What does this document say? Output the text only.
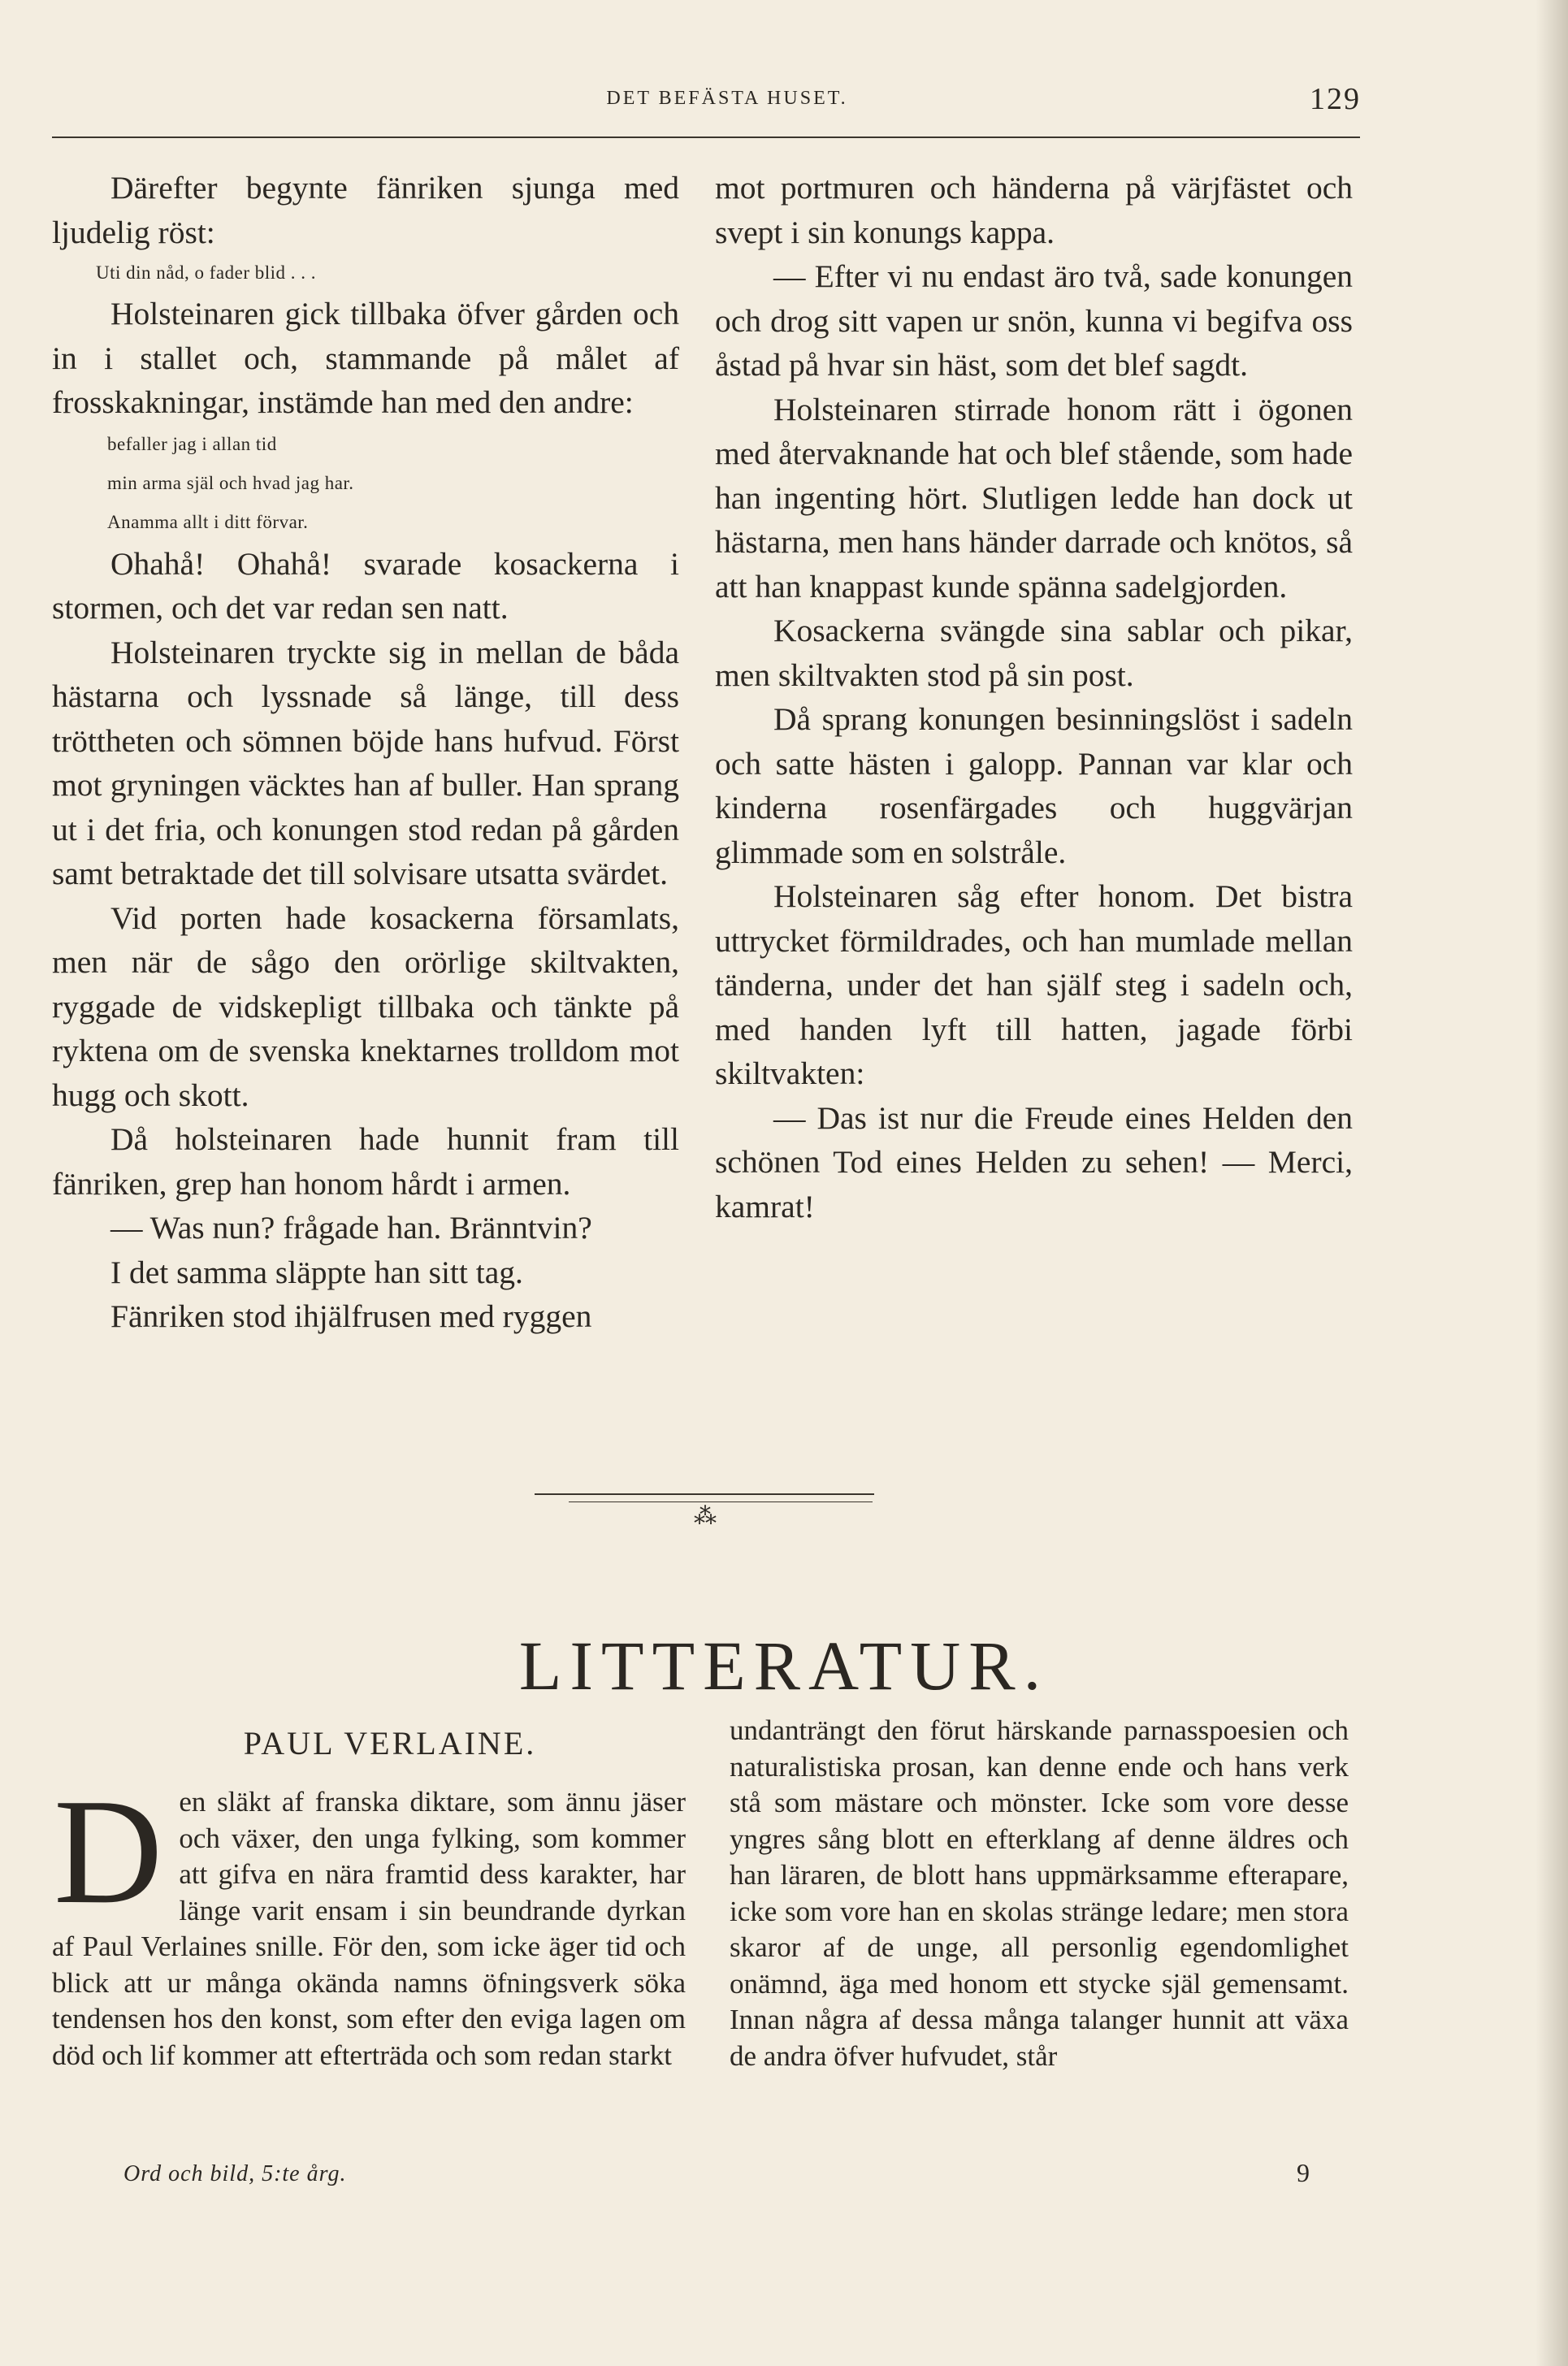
DET BEFÄSTA HUSET.	129

Därefter begynte fänriken sjunga med ljudelig röst:

Uti din nåd, o fader blid . . .

Holsteinaren gick tillbaka öfver gården och in i stallet och, stammande på målet af frosskakningar, instämde han med den andre:

befaller jag i allan tid
min arma själ och hvad jag har.
Anamma allt i ditt förvar.

Ohahå! Ohahå! svarade kosackerna i stormen, och det var redan sen natt.

Holsteinaren tryckte sig in mellan de båda hästarna och lyssnade så länge, till dess tröttheten och sömnen böjde hans hufvud. Först mot gryningen väcktes han af buller. Han sprang ut i det fria, och konungen stod redan på gården samt betraktade det till solvisare utsatta svärdet.

Vid porten hade kosackerna församlats, men när de sågo den orörlige skiltvakten, ryggade de vidskepligt tillbaka och tänkte på ryktena om de svenska knektarnes trolldom mot hugg och skott.

Då holsteinaren hade hunnit fram till fänriken, grep han honom hårdt i armen.

— Was nun? frågade han. Bränntvin?

I det samma släppte han sitt tag.

Fänriken stod ihjälfrusen med ryggen

mot portmuren och händerna på värjfästet och svept i sin konungs kappa.

— Efter vi nu endast äro två, sade konungen och drog sitt vapen ur snön, kunna vi begifva oss åstad på hvar sin häst, som det blef sagdt.

Holsteinaren stirrade honom rätt i ögonen med återvaknande hat och blef stående, som hade han ingenting hört. Slutligen ledde han dock ut hästarna, men hans händer darrade och knötos, så att han knappast kunde spänna sadelgjorden.

Kosackerna svängde sina sablar och pikar, men skiltvakten stod på sin post.

Då sprang konungen besinningslöst i sadeln och satte hästen i galopp. Pannan var klar och kinderna rosenfärgades och huggvärjan glimmade som en solstråle.

Holsteinaren såg efter honom. Det bistra uttrycket förmildrades, och han mumlade mellan tänderna, under det han själf steg i sadeln och, med handen lyft till hatten, jagade förbi skiltvakten:

— Das ist nur die Freude eines Helden den schönen Tod eines Helden zu sehen! — Merci, kamrat!

⁂
LITTERATUR.
PAUL VERLAINE.

Den släkt af franska diktare, som ännu jäser och växer, den unga fylking, som kommer att gifva en nära framtid dess karakter, har länge varit ensam i sin beundrande dyrkan af Paul Verlaines snille. För den, som icke äger tid och blick att ur många okända namns öfningsverk söka tendensen hos den konst, som efter den eviga lagen om död och lif kommer att efterträda och som redan starkt

undanträngt den förut härskande parnasspoesien och naturalistiska prosan, kan denne ende och hans verk stå som mästare och mönster. Icke som vore desse yngres sång blott en efterklang af denne äldres och han läraren, de blott hans uppmärksamme efterapare, icke som vore han en skolas stränge ledare; men stora skaror af de unge, all personlig egendomlighet onämnd, äga med honom ett stycke själ gemensamt. Innan några af dessa många talanger hunnit att växa de andra öfver hufvudet, står

Ord och bild, 5:te årg.	9
